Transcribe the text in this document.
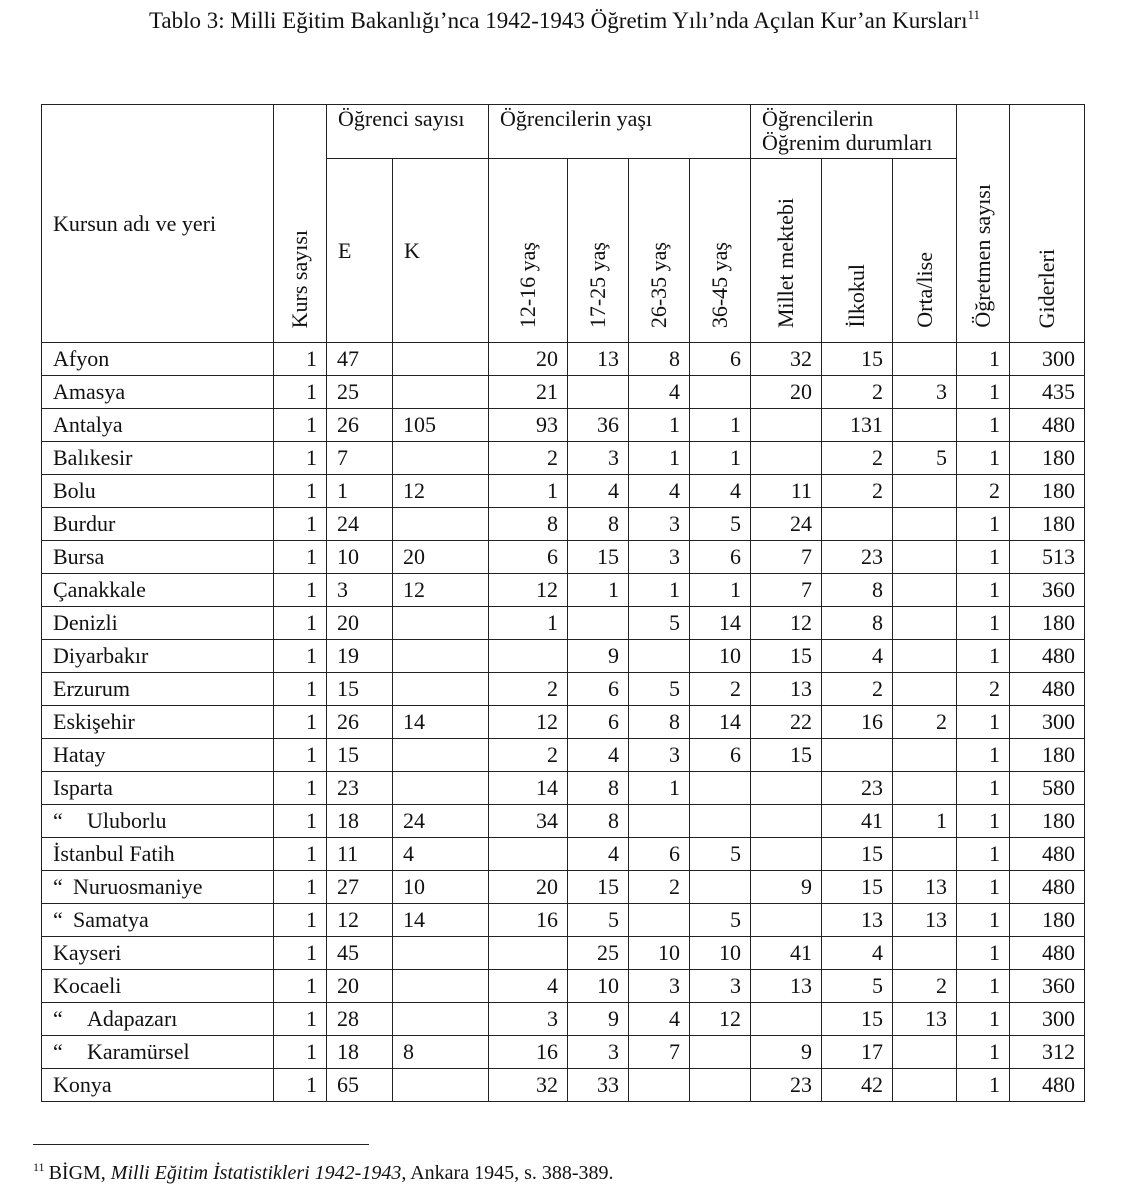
Tablo 3: Milli Eğitim Bakanlığı’nca 1942-1943 Öğretim Yılı’nda Açılan Kur’an Kursları$^{11}$
Kursun adı ve yeri	Kurs sayısı	Öğrenci sayısı		Öğrencilerin yaşı				Öğrencilerin Öğrenim durumları			Öğretmen sayısı	Giderleri
		E	K	12-16 yaş	17-25 yaş	26-35 yaş	36-45 yaş	Millet mektebi	İlkokul	Orta/lise		

Afyon	1	47		20	13	8	6	32	15		1	300
Amasya	1	25		21		4		20	2	3	1	435
Antalya	1	26	105	93	36	1	1		131		1	480
Balıkesir	1	7		2	3	1	1		2	5	1	180
Bolu	1	1	12	1	4	4	4	11	2		2	180
Burdur	1	24		8	8	3	5	24			1	180
Bursa	1	10	20	6	15	3	6	7	23		1	513
Çanakkale	1	3	12	12	1	1	1	7	8		1	360
Denizli	1	20		1		5	14	12	8		1	180
Diyarbakır	1	19			9		10	15	4		1	480
Erzurum	1	15		2	6	5	2	13	2		2	480
Eskişehir	1	26	14	12	6	8	14	22	16	2	1	300
Hatay	1	15		2	4	3	6	15			1	180
Isparta	1	23		14	8	1			23		1	580
“ Uluborlu	1	18	24	34	8				41	1	1	180
İstanbul Fatih	1	11	4		4	6	5		15		1	480
“ Nuruosmaniye	1	27	10	20	15	2		9	15	13	1	480
“ Samatya	1	12	14	16	5		5		13	13	1	180
Kayseri	1	45			25	10	10	41	4		1	480
Kocaeli	1	20		4	10	3	3	13	5	2	1	360
“ Adapazarı	1	28		3	9	4	12		15	13	1	300
“ Karamürsel	1	18	8	16	3	7		9	17		1	312
Konya	1	65		32	33			23	42		1	480
$^{11}$ BİGM, Milli Eğitim İstatistikleri 1942-1943, Ankara 1945, s. 388-389.
